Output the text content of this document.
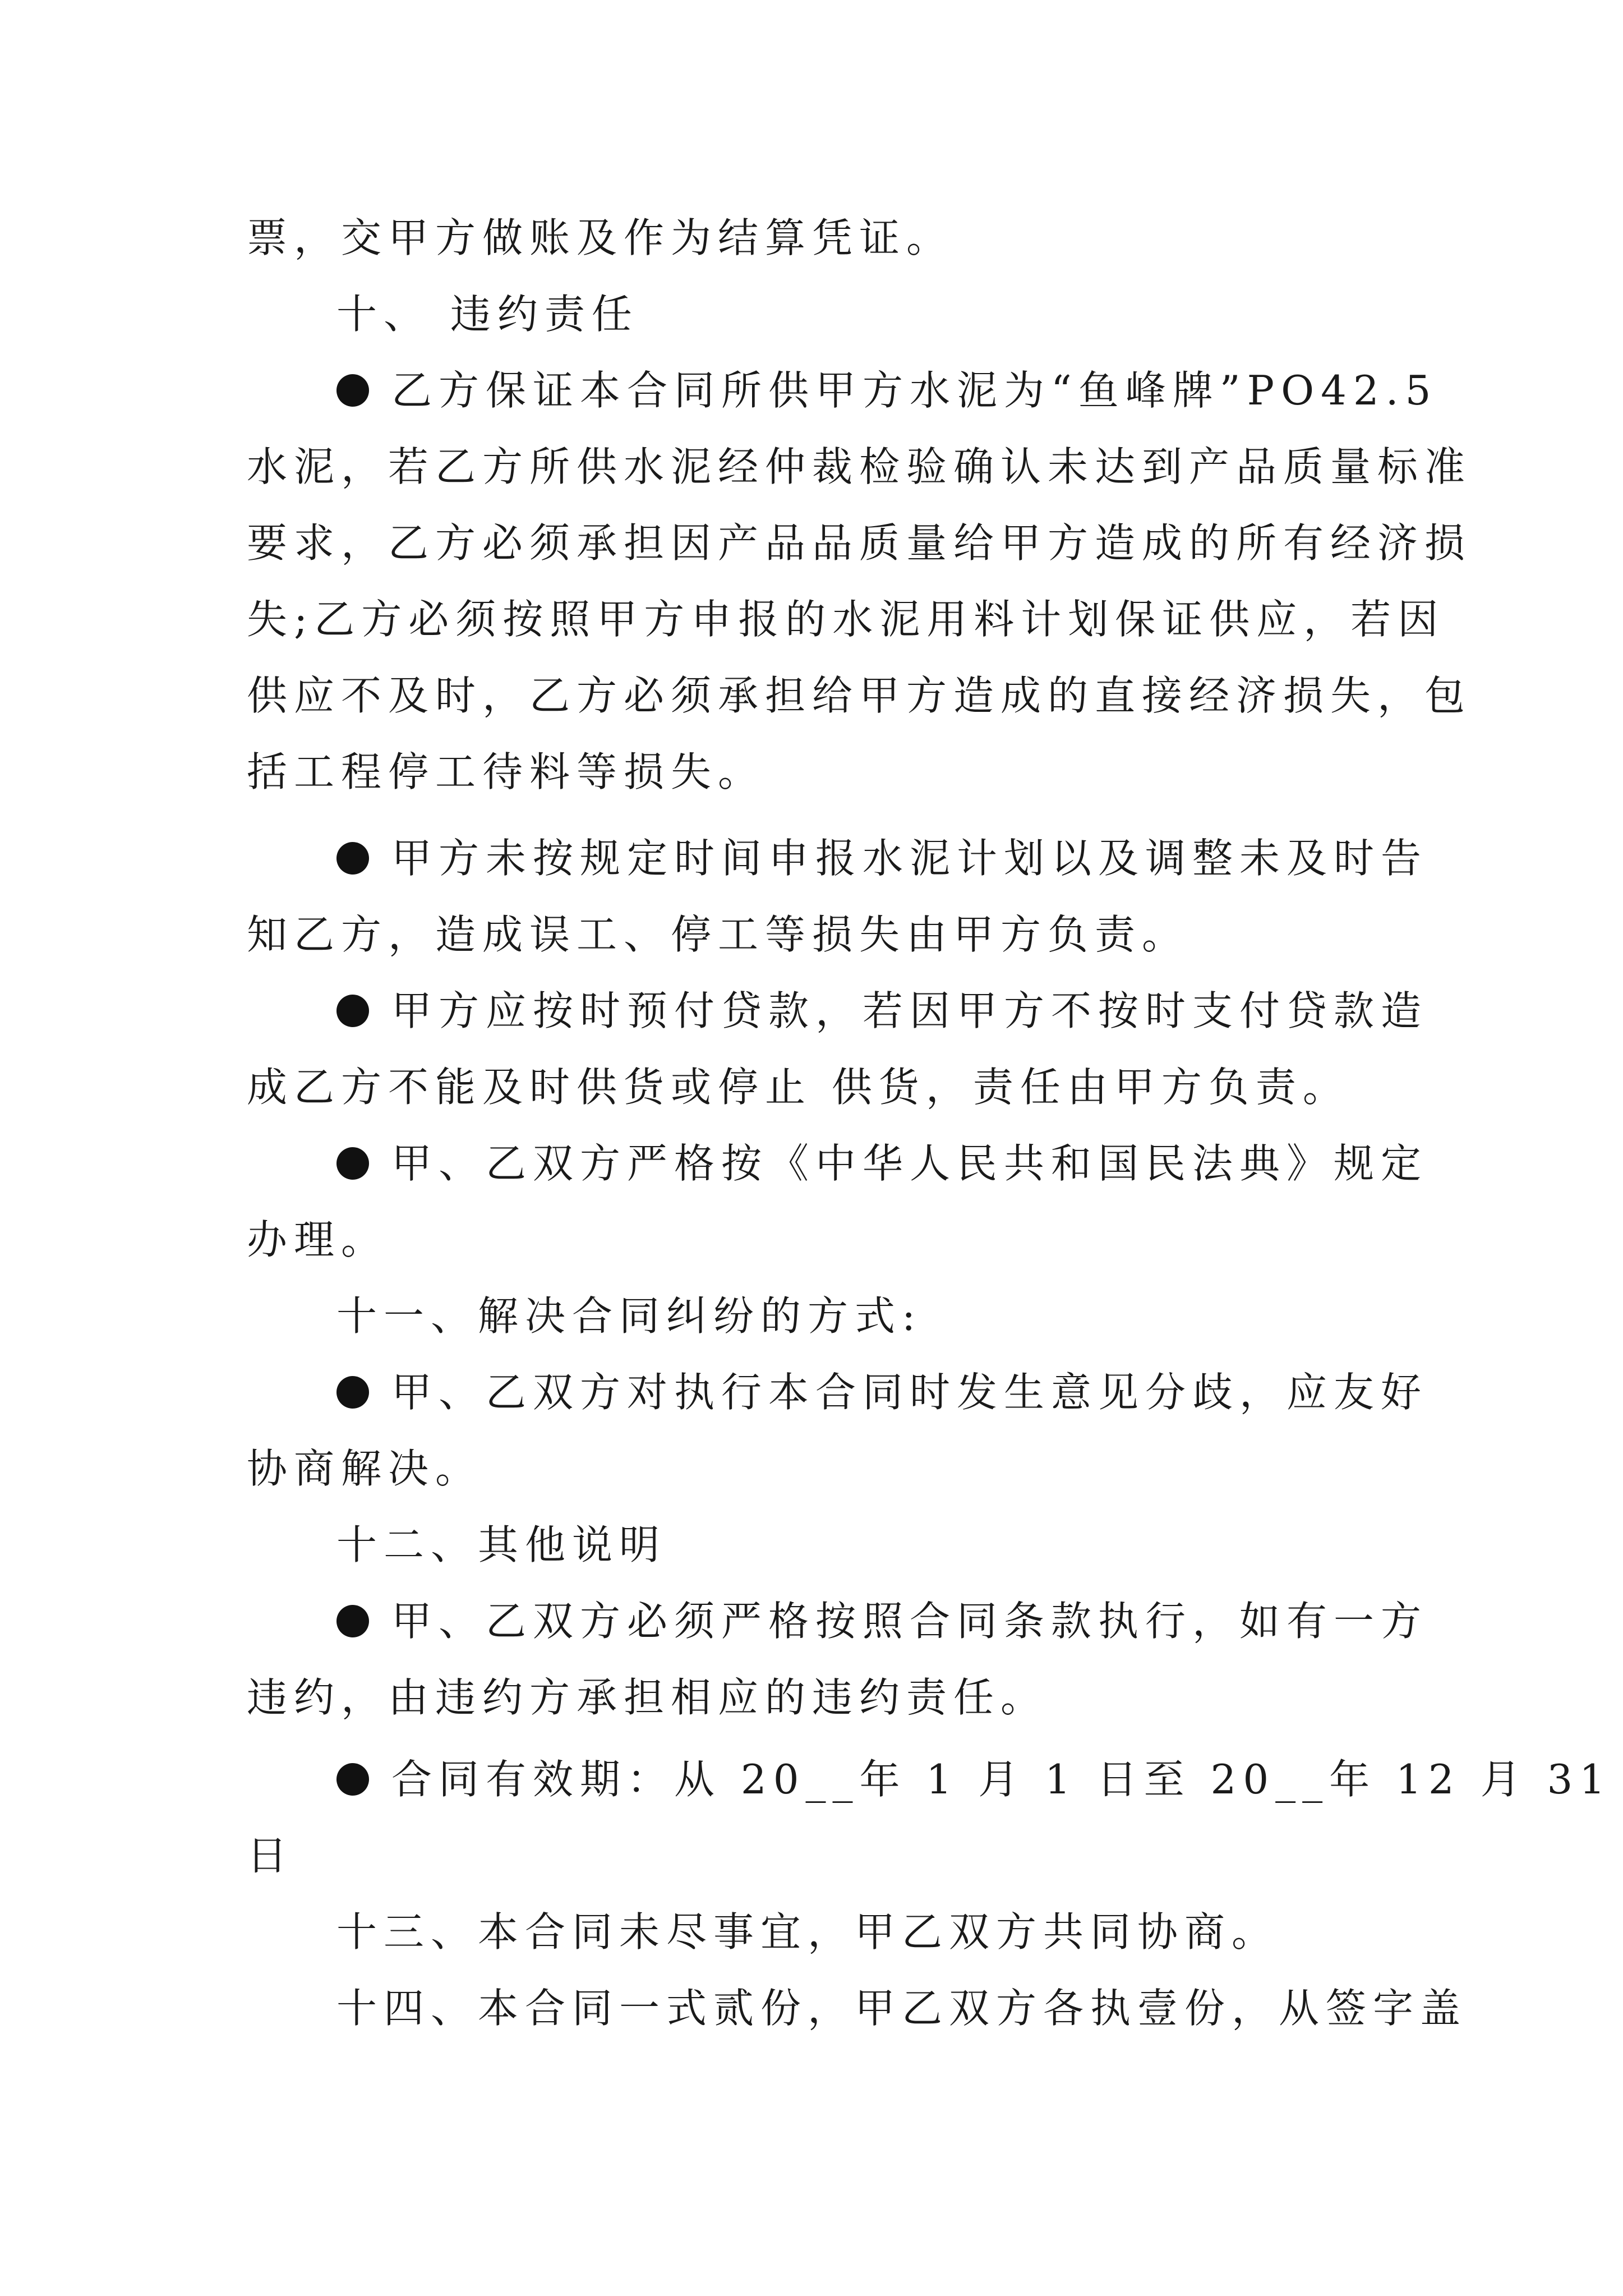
票，交甲方做账及作为结算凭证。
十、 违约责任
乙方保证本合同所供甲方水泥为“鱼峰牌”PO42.5
水泥，若乙方所供水泥经仲裁检验确认未达到产品质量标准
要求，乙方必须承担因产品品质量给甲方造成的所有经济损
失;乙方必须按照甲方申报的水泥用料计划保证供应，若因
供应不及时，乙方必须承担给甲方造成的直接经济损失，包
括工程停工待料等损失。
甲方未按规定时间申报水泥计划以及调整未及时告
知乙方，造成误工、停工等损失由甲方负责。
甲方应按时预付贷款，若因甲方不按时支付贷款造
成乙方不能及时供货或停止 供货，责任由甲方负责。
甲、乙双方严格按《中华人民共和国民法典》规定
办理。
十一、解决合同纠纷的方式:
甲、乙双方对执行本合同时发生意见分歧，应友好
协商解决。
十二、其他说明
甲、乙双方必须严格按照合同条款执行，如有一方
违约，由违约方承担相应的违约责任。
合同有效期：从 20__年 1 月 1 日至 20__年 12 月 31
日
十三、本合同未尽事宜，甲乙双方共同协商。
十四、本合同一式贰份，甲乙双方各执壹份，从签字盖
